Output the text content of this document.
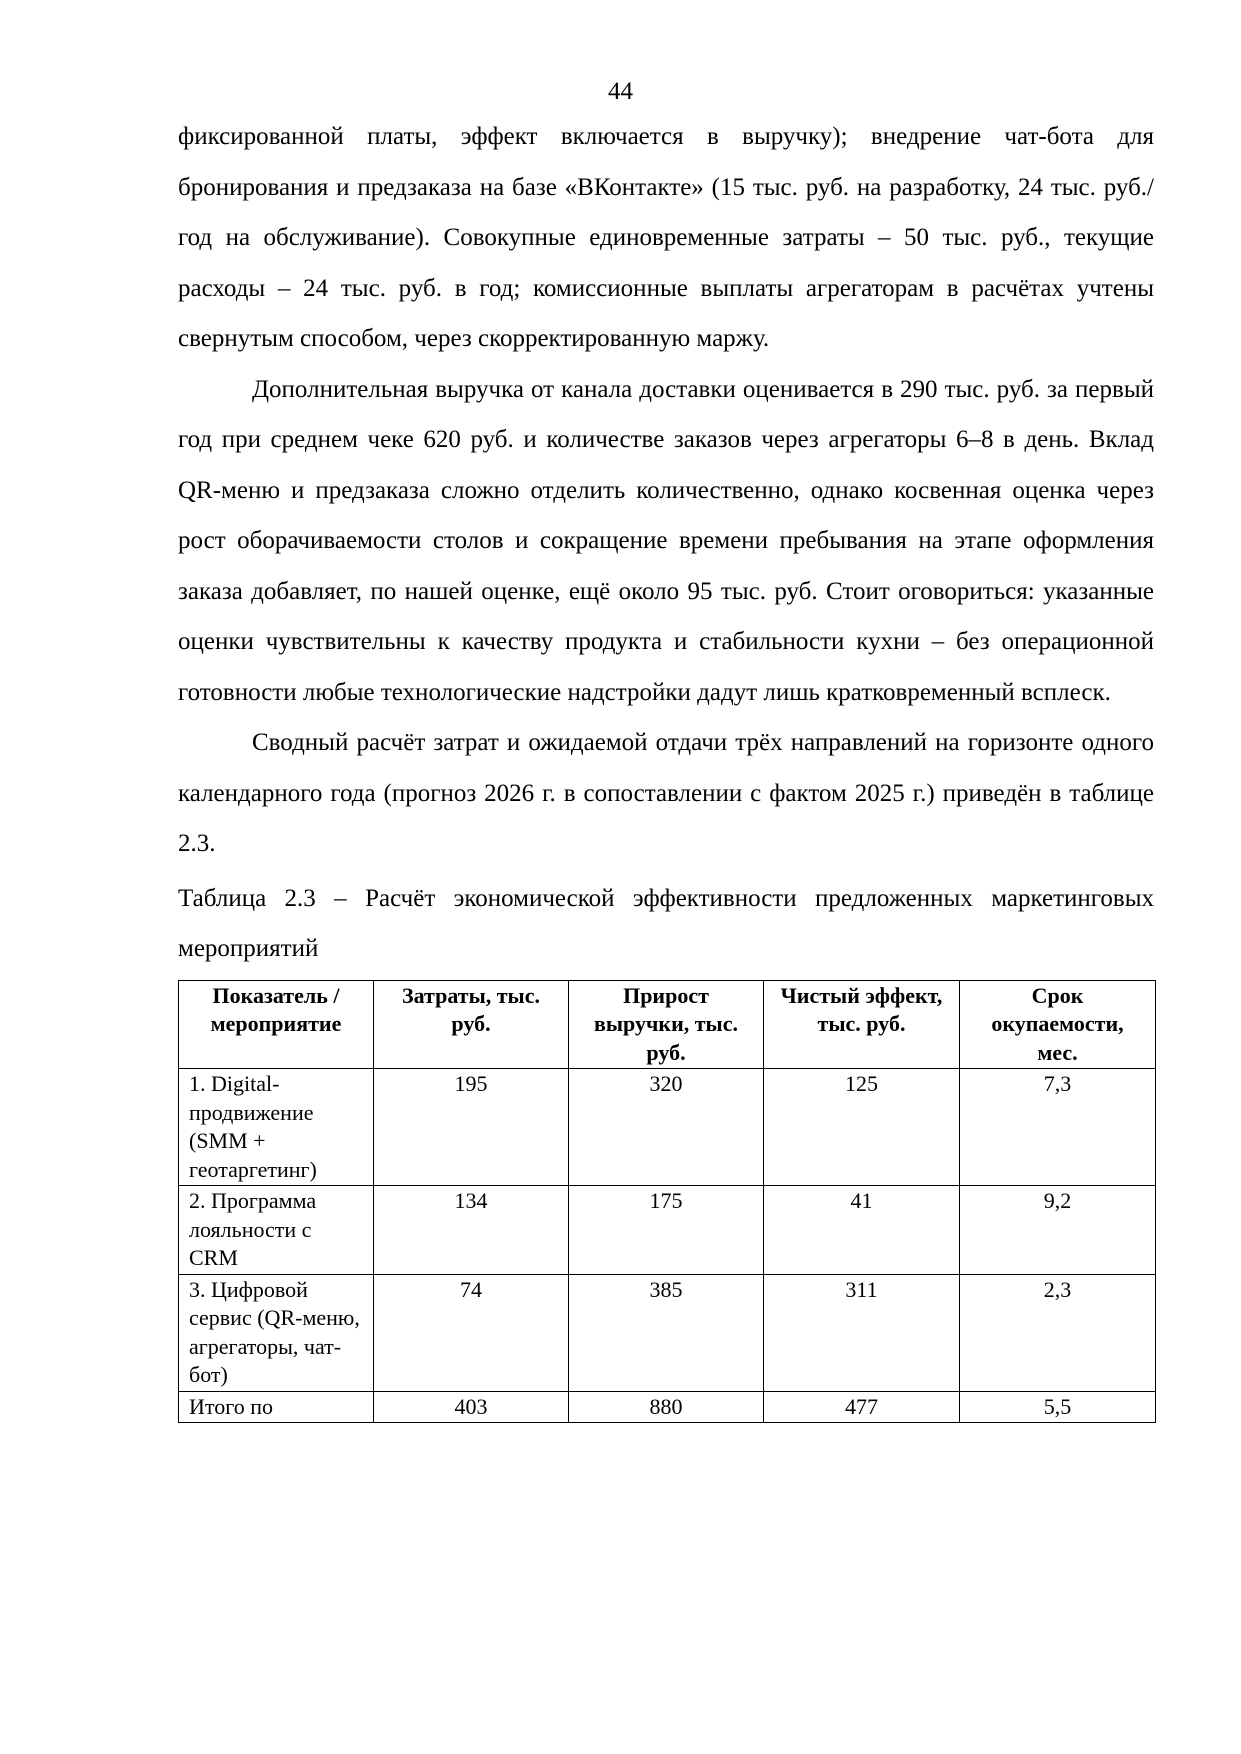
44

фиксированной платы, эффект включается в выручку); внедрение чат-бота для бронирования и предзаказа на базе «ВКонтакте» (15 тыс. руб. на разработку, 24 тыс. руб./год на обслуживание). Совокупные единовременные затраты – 50 тыс. руб., текущие расходы – 24 тыс. руб. в год; комиссионные выплаты агрегаторам в расчётах учтены свернутым способом, через скорректированную маржу.

Дополнительная выручка от канала доставки оценивается в 290 тыс. руб. за первый год при среднем чеке 620 руб. и количестве заказов через агрегаторы 6–8 в день. Вклад QR-меню и предзаказа сложно отделить количественно, однако косвенная оценка через рост оборачиваемости столов и сокращение времени пребывания на этапе оформления заказа добавляет, по нашей оценке, ещё около 95 тыс. руб. Стоит оговориться: указанные оценки чувствительны к качеству продукта и стабильности кухни – без операционной готовности любые технологические надстройки дадут лишь кратковременный всплеск.

Сводный расчёт затрат и ожидаемой отдачи трёх направлений на горизонте одного календарного года (прогноз 2026 г. в сопоставлении с фактом 2025 г.) приведён в таблице 2.3.

Таблица 2.3 – Расчёт экономической эффективности предложенных маркетинговых мероприятий

Показатель / мероприятие	Затраты, тыс. руб.	Прирост выручки, тыс. руб.	Чистый эффект, тыс. руб.	Срок окупаемости, мес.
1. Digital-продвижение (SMM + геотаргетинг)	195	320	125	7,3
2. Программа лояльности с CRM	134	175	41	9,2
3. Цифровой сервис (QR-меню, агрегаторы, чат-бот)	74	385	311	2,3
Итого по	403	880	477	5,5
